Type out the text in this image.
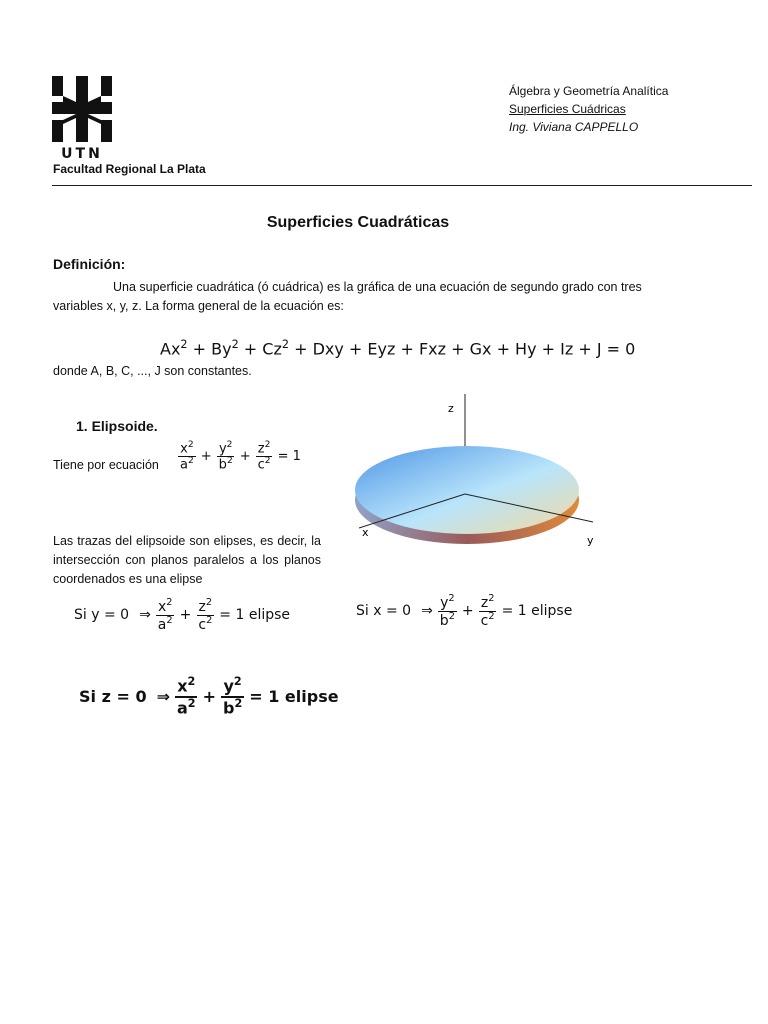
UTN
Facultad Regional La Plata
Álgebra y Geometría Analítica
Superficies Cuádricas
Ing. Viviana CAPPELLO
Superficies Cuadráticas
Definición:
Una superficie cuadrática (ó cuádrica) es la gráfica de una ecuación de segundo grado con tres variables x, y, z. La forma general de la ecuación es:
$Ax^2 + By^2 + Cz^2$ + Dxy + Eyz + Fxz + Gx + Hy + Iz + J = 0
donde A, B, C, ..., J son constantes.
1. Elipsoide.
Tiene por ecuación $\frac{x^2}{a^2} + \frac{y^2}{b^2} + \frac{z^2}{c^2} = 1$
z
x
y
Las trazas del elipsoide son elipses, es decir, la intersección con planos paralelos a los planos coordenados es una elipse
Si y = 0 ⇒ $\frac{x^2}{a^2} + \frac{z^2}{c^2} = 1$ elipse	Si x = 0 ⇒ $\frac{y^2}{b^2} + \frac{z^2}{c^2} = 1$ elipse
Si z = 0 ⇒ $\frac{x^2}{a^2} + \frac{y^2}{b^2} = 1$ elipse
